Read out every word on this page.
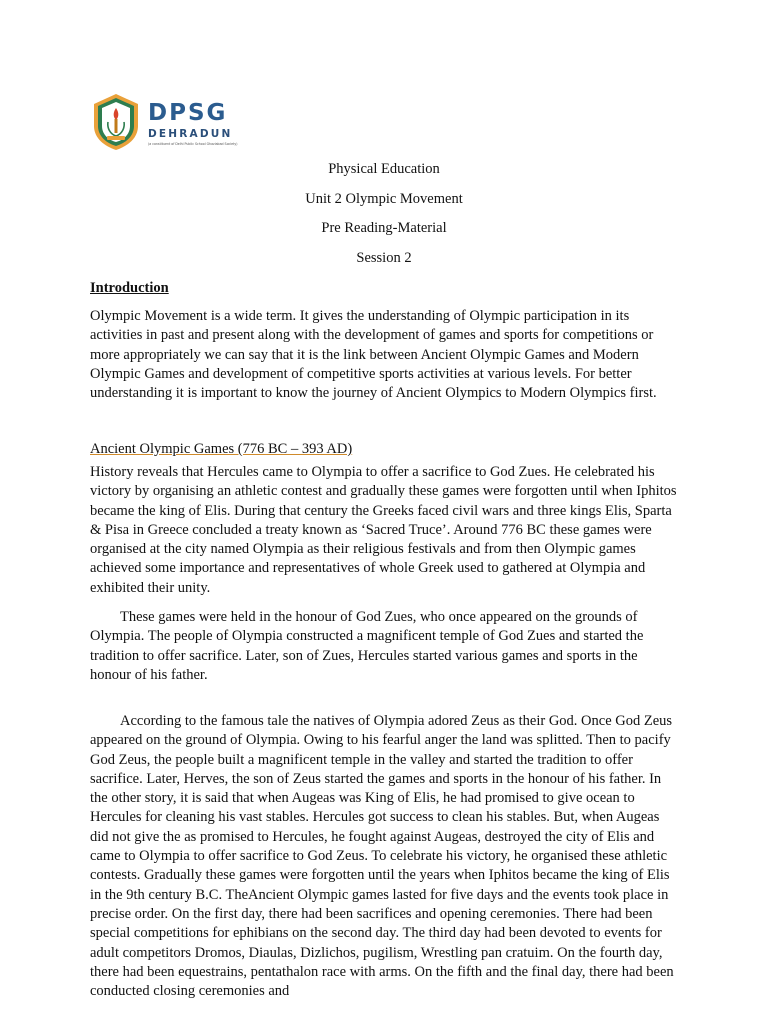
DPSG
DEHRADUN
(a constituent of Delhi Public School Ghaziabad Society)
Physical Education
Unit 2 Olympic Movement
Pre Reading-Material
Session 2
Introduction
Olympic Movement is a wide term. It gives the understanding of Olympic participation in its activities in past and present along with the development of games and sports for competitions or more appropriately we can say that it is the link between Ancient Olympic Games and Modern Olympic Games and development of competitive sports activities at various levels. For better understanding it is important to know the journey of Ancient Olympics to Modern Olympics first.
Ancient Olympic Games (776 BC – 393 AD)
History reveals that Hercules came to Olympia to offer a sacrifice to God Zues. He celebrated his victory by organising an athletic contest and gradually these games were forgotten until when Iphitos became the king of Elis. During that century the Greeks faced civil wars and three kings Elis, Sparta & Pisa in Greece concluded a treaty known as ‘Sacred Truce’. Around 776 BC these games were organised at the city named Olympia as their religious festivals and from then Olympic games achieved some importance and representatives of whole Greek used to gathered at Olympia and exhibited their unity.
These games were held in the honour of God Zues, who once appeared on the grounds of Olympia. The people of Olympia constructed a magnificent temple of God Zues and started the tradition to offer sacrifice. Later, son of Zues, Hercules started various games and sports in the honour of his father.
According to the famous tale the natives of Olympia adored Zeus as their God. Once God Zeus appeared on the ground of Olympia. Owing to his fearful anger the land was splitted. Then to pacify God Zeus, the people built a magnificent temple in the valley and started the tradition to offer sacrifice. Later, Herves, the son of Zeus started the games and sports in the honour of his father. In the other story, it is said that when Augeas was King of Elis, he had promised to give ocean to Hercules for cleaning his vast stables. Hercules got success to clean his stables. But, when Augeas did not give the as promised to Hercules, he fought against Augeas, destroyed the city of Elis and came to Olympia to offer sacrifice to God Zeus. To celebrate his victory, he organised these athletic contests. Gradually these games were forgotten until the years when Iphitos became the king of Elis in the 9th century B.C. TheAncient Olympic games lasted for five days and the events took place in precise order. On the first day, there had been sacrifices and opening ceremonies. There had been special competitions for ephibians on the second day. The third day had been devoted to events for adult competitors Dromos, Diaulas, Dizlichos, pugilism, Wrestling pan cratuim. On the fourth day, there had been equestrains, pentathalon race with arms. On the fifth and the final day, there had been conducted closing ceremonies and
